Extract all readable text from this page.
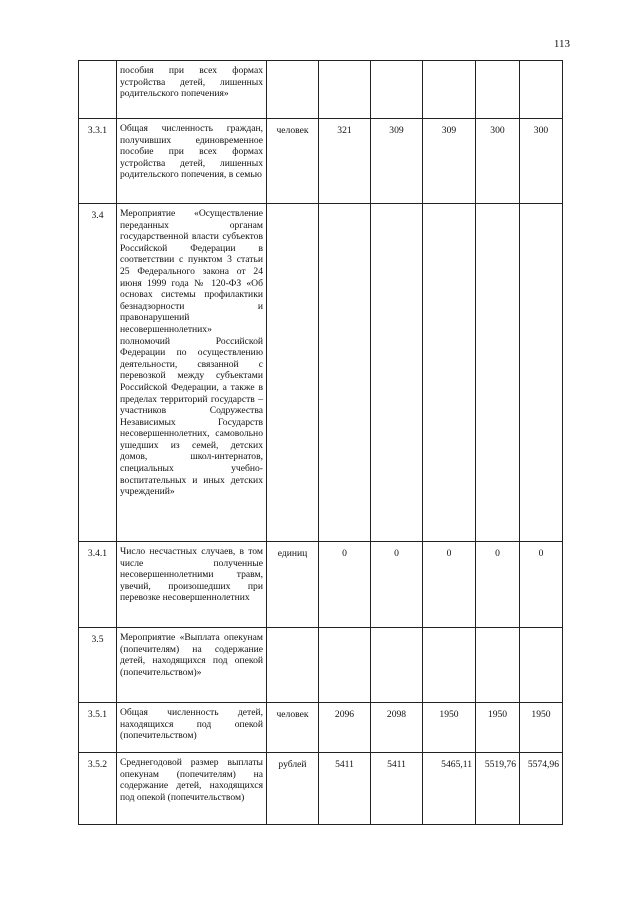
113
	пособия при всех формах устройства детей, лишенных родительского попечения»						
3.3.1	Общая численность граждан, получивших единовременное пособие при всех формах устройства детей, лишенных родительского попечения, в семью	человек	321	309	309	300	300
3.4	Мероприятие «Осуществление переданных органам государственной власти субъектов Российской Федерации в соответствии с пунктом 3 статьи 25 Федерального закона от 24 июня 1999 года № 120-ФЗ «Об основах системы профилактики безнадзорности и правонарушений несовершеннолетних» полномочий Российской Федерации по осуществлению деятельности, связанной с перевозкой между субъектами Российской Федерации, а также в пределах территорий государств – участников Содружества Независимых Государств несовершеннолетних, самовольно ушедших из семей, детских домов, школ-интернатов, специальных учебно-воспитательных и иных детских учреждений»						
3.4.1	Число несчастных случаев, в том числе полученные несовершеннолетними травм, увечий, произошедших при перевозке несовершеннолетних	единиц	0	0	0	0	0
3.5	Мероприятие «Выплата опекунам (попечителям) на содержание детей, находящихся под опекой (попечительством)»						
3.5.1	Общая численность детей, находящихся под опекой (попечительством)	человек	2096	2098	1950	1950	1950
3.5.2	Среднегодовой размер выплаты опекунам (попечителям) на содержание детей, находящихся под опекой (попечительством)	рублей	5411	5411	5465,11	5519,76	5574,96
